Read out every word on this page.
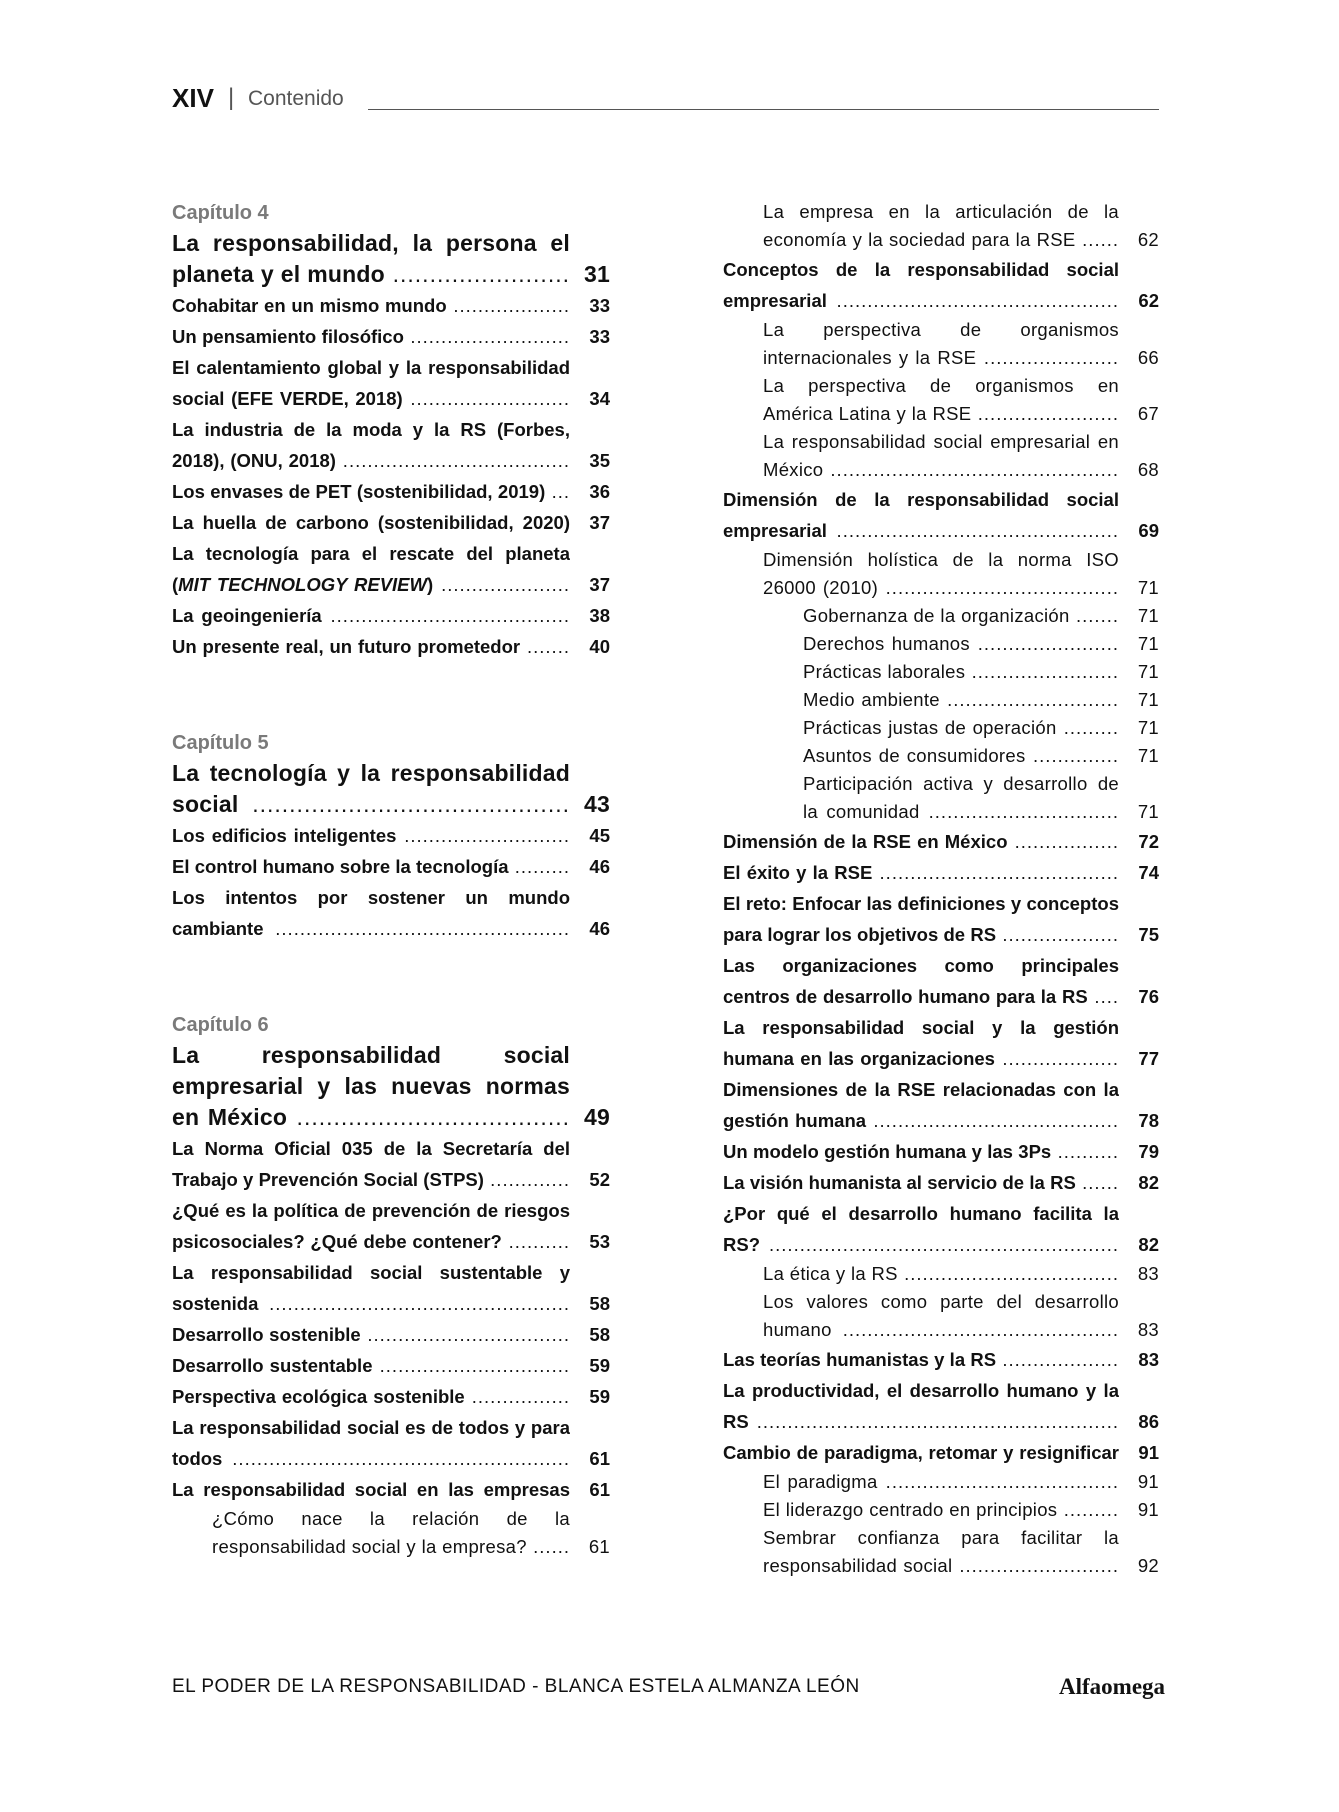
XIV | Contenido
Capítulo 4
La responsabilidad, la persona el planeta y el mundo ........................ 31
Cohabitar en un mismo mundo ...................	33
Un pensamiento filosófico ..........................	33
El calentamiento global y la responsabilidad social (EFE VERDE, 2018) ..........................	34
La industria de la moda y la RS (Forbes, 2018), (ONU, 2018) .....................................	35
Los envases de PET (sostenibilidad, 2019) ...	36
La huella de carbono (sostenibilidad, 2020)	37
La tecnología para el rescate del planeta (MIT TECHNOLOGY REVIEW) .....................	37
La geoingeniería .......................................	38
Un presente real, un futuro prometedor .......	40
Capítulo 5
La tecnología y la responsabilidad social ........................................... 43
Los edificios inteligentes ...........................	45
El control humano sobre la tecnología .........	46
Los intentos por sostener un mundo cambiante ................................................	46
Capítulo 6
La responsabilidad social empresarial y las nuevas normas en México ..................................... 49
La Norma Oficial 035 de la Secretaría del Trabajo y Prevención Social (STPS) .............	52
¿Qué es la política de prevención de riesgos psicosociales? ¿Qué debe contener? ..........	53
La responsabilidad social sustentable y sostenida .................................................	58
Desarrollo sostenible .................................	58
Desarrollo sustentable ...............................	59
Perspectiva ecológica sostenible ................	59
La responsabilidad social es de todos y para todos .......................................................	61
La responsabilidad social en las empresas	61
¿Cómo nace la relación de la responsabilidad social y la empresa? ......	61
La empresa en la articulación de la economía y la sociedad para la RSE ......	62
Conceptos de la responsabilidad social empresarial ..............................................	62
La perspectiva de organismos internacionales y la RSE ......................	66
La perspectiva de organismos en América Latina y la RSE .......................	67
La responsabilidad social empresarial en México ...............................................	68
Dimensión de la responsabilidad social empresarial ..............................................	69
Dimensión holística de la norma ISO 26000 (2010) ......................................	71
Gobernanza de la organización .......	71
Derechos humanos .......................	71
Prácticas laborales ........................	71
Medio ambiente ............................	71
Prácticas justas de operación .........	71
Asuntos de consumidores ..............	71
Participación activa y desarrollo de la comunidad ...............................	71
Dimensión de la RSE en México .................	72
El éxito y la RSE .......................................	74
El reto: Enfocar las definiciones y conceptos para lograr los objetivos de RS ...................	75
Las organizaciones como principales centros de desarrollo humano para la RS ....	76
La responsabilidad social y la gestión humana en las organizaciones ...................	77
Dimensiones de la RSE relacionadas con la gestión humana ........................................	78
Un modelo gestión humana y las 3Ps ..........	79
La visión humanista al servicio de la RS ......	82
¿Por qué el desarrollo humano facilita la RS? .........................................................	82
La ética y la RS ...................................	83
Los valores como parte del desarrollo humano .............................................	83
Las teorías humanistas y la RS ...................	83
La productividad, el desarrollo humano y la RS ...........................................................	86
Cambio de paradigma, retomar y resignificar	91
El paradigma ......................................	91
El liderazgo centrado en principios .........	91
Sembrar confianza para facilitar la responsabilidad social ..........................	92
EL PODER DE LA RESPONSABILIDAD - BLANCA ESTELA ALMANZA LEÓN	Alfaomega
